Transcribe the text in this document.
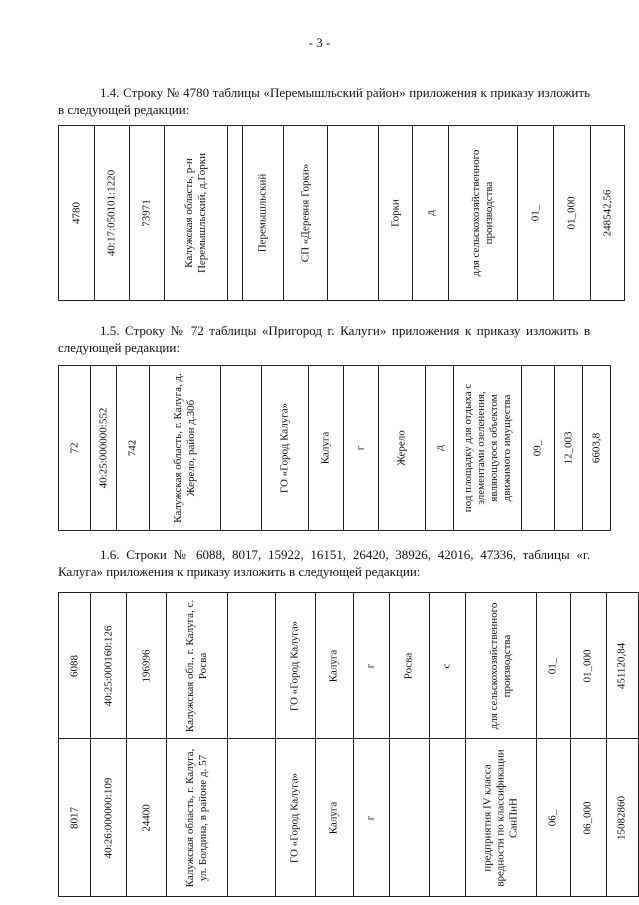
- 3 -

1.4. Строку № 4780 таблицы «Перемышльский район» приложения к приказу изложить в следующей редакции:

4780	40:17:050101:1220	73971	Калужская область, р-н Перемышльский, д.Горки		Перемышльский	СП «Деревня Горки»		Горки	д	для сельскохозяйственного производства	01_	01_000	248542,56

1.5. Строку № 72 таблицы «Пригород г. Калуги» приложения к приказу изложить в следующей редакции:

72	40:25:000000:552	742	Калужская область, г. Калуга, д. Жерело, район д.30б		ГО «Город Калуга»	Калуга	г	Жерело	д	под площадку для отдыха с элементами озеленения, являющуюся объектом движимого имущества	09_	12_003	6603,8

1.6. Строки № 6088, 8017, 15922, 16151, 26420, 38926, 42016, 47336, таблицы «г. Калуга» приложения к приказу изложить в следующей редакции:

6088	40:25:000160:126	196996	Калужская обл., г. Калуга, с. Росва		ГО «Город Калуга»	Калуга	г	Росва	с	для сельскохозяйственного производства	01_	01_000	451120,84

8017	40:26:000000:109	24400	Калужская область, г. Калуга, ул. Болдина, в районе д. 57		ГО «Город Калуга»	Калуга	г			предприятия IV класса вредности по классификации СанПиН	06_	06_000	15082860
